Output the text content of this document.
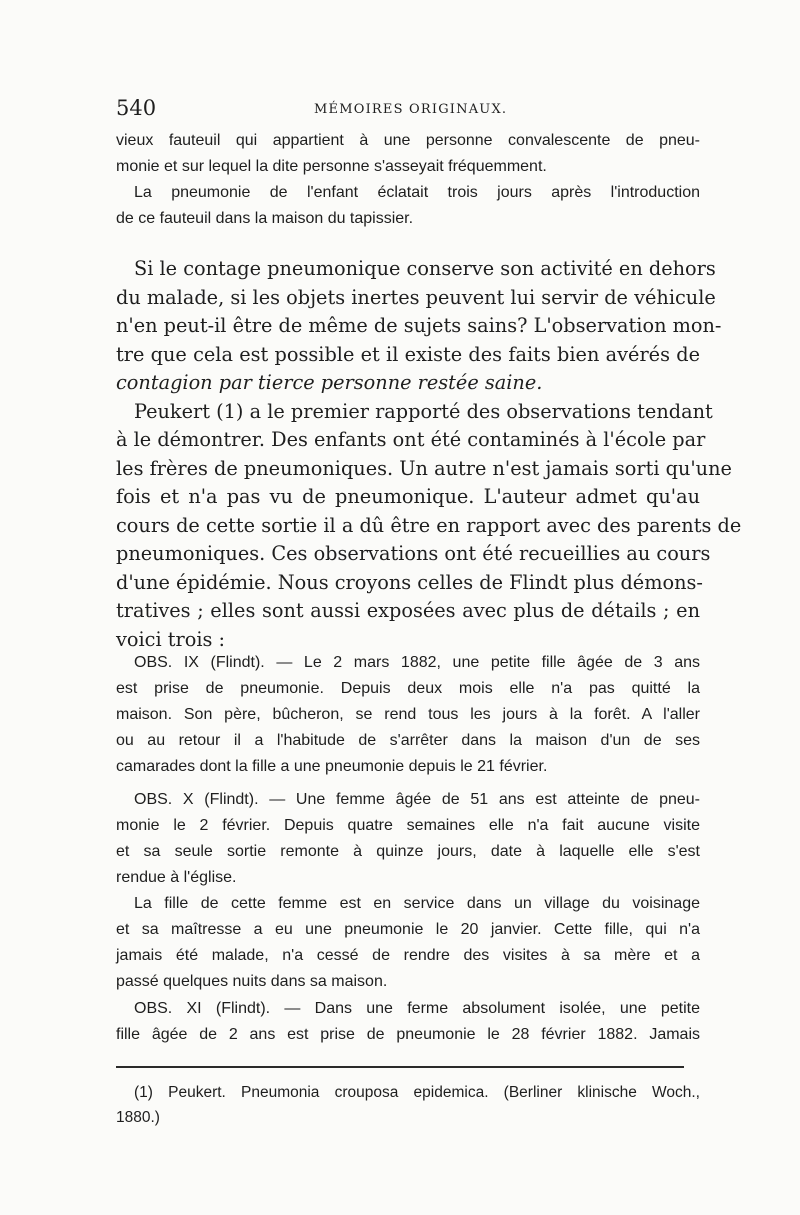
540	MÉMOIRES ORIGINAUX.
vieux fauteuil qui appartient à une personne convalescente de pneu-
monie et sur lequel la dite personne s'asseyait fréquemment.
La pneumonie de l'enfant éclatait trois jours après l'introduction
de ce fauteuil dans la maison du tapissier.
Si le contage pneumonique conserve son activité en dehors
du malade, si les objets inertes peuvent lui servir de véhicule
n'en peut-il être de même de sujets sains? L'observation mon-
tre que cela est possible et il existe des faits bien avérés de
contagion par tierce personne restée saine.
Peukert (1) a le premier rapporté des observations tendant
à le démontrer. Des enfants ont été contaminés à l'école par
les frères de pneumoniques. Un autre n'est jamais sorti qu'une
fois et n'a pas vu de pneumonique. L'auteur admet qu'au
cours de cette sortie il a dû être en rapport avec des parents de
pneumoniques. Ces observations ont été recueillies au cours
d'une épidémie. Nous croyons celles de Flindt plus démons-
tratives ; elles sont aussi exposées avec plus de détails ; en
voici trois :
OBS. IX (Flindt). — Le 2 mars 1882, une petite fille âgée de 3 ans
est prise de pneumonie. Depuis deux mois elle n'a pas quitté la
maison. Son père, bûcheron, se rend tous les jours à la forêt. A l'aller
ou au retour il a l'habitude de s'arrêter dans la maison d'un de ses
camarades dont la fille a une pneumonie depuis le 21 février.
OBS. X (Flindt). — Une femme âgée de 51 ans est atteinte de pneu-
monie le 2 février. Depuis quatre semaines elle n'a fait aucune visite
et sa seule sortie remonte à quinze jours, date à laquelle elle s'est
rendue à l'église.
La fille de cette femme est en service dans un village du voisinage
et sa maîtresse a eu une pneumonie le 20 janvier. Cette fille, qui n'a
jamais été malade, n'a cessé de rendre des visites à sa mère et a
passé quelques nuits dans sa maison.
OBS. XI (Flindt). — Dans une ferme absolument isolée, une petite
fille âgée de 2 ans est prise de pneumonie le 28 février 1882. Jamais
(1) Peukert. Pneumonia crouposa epidemica. (Berliner klinische Woch.,
1880.)
